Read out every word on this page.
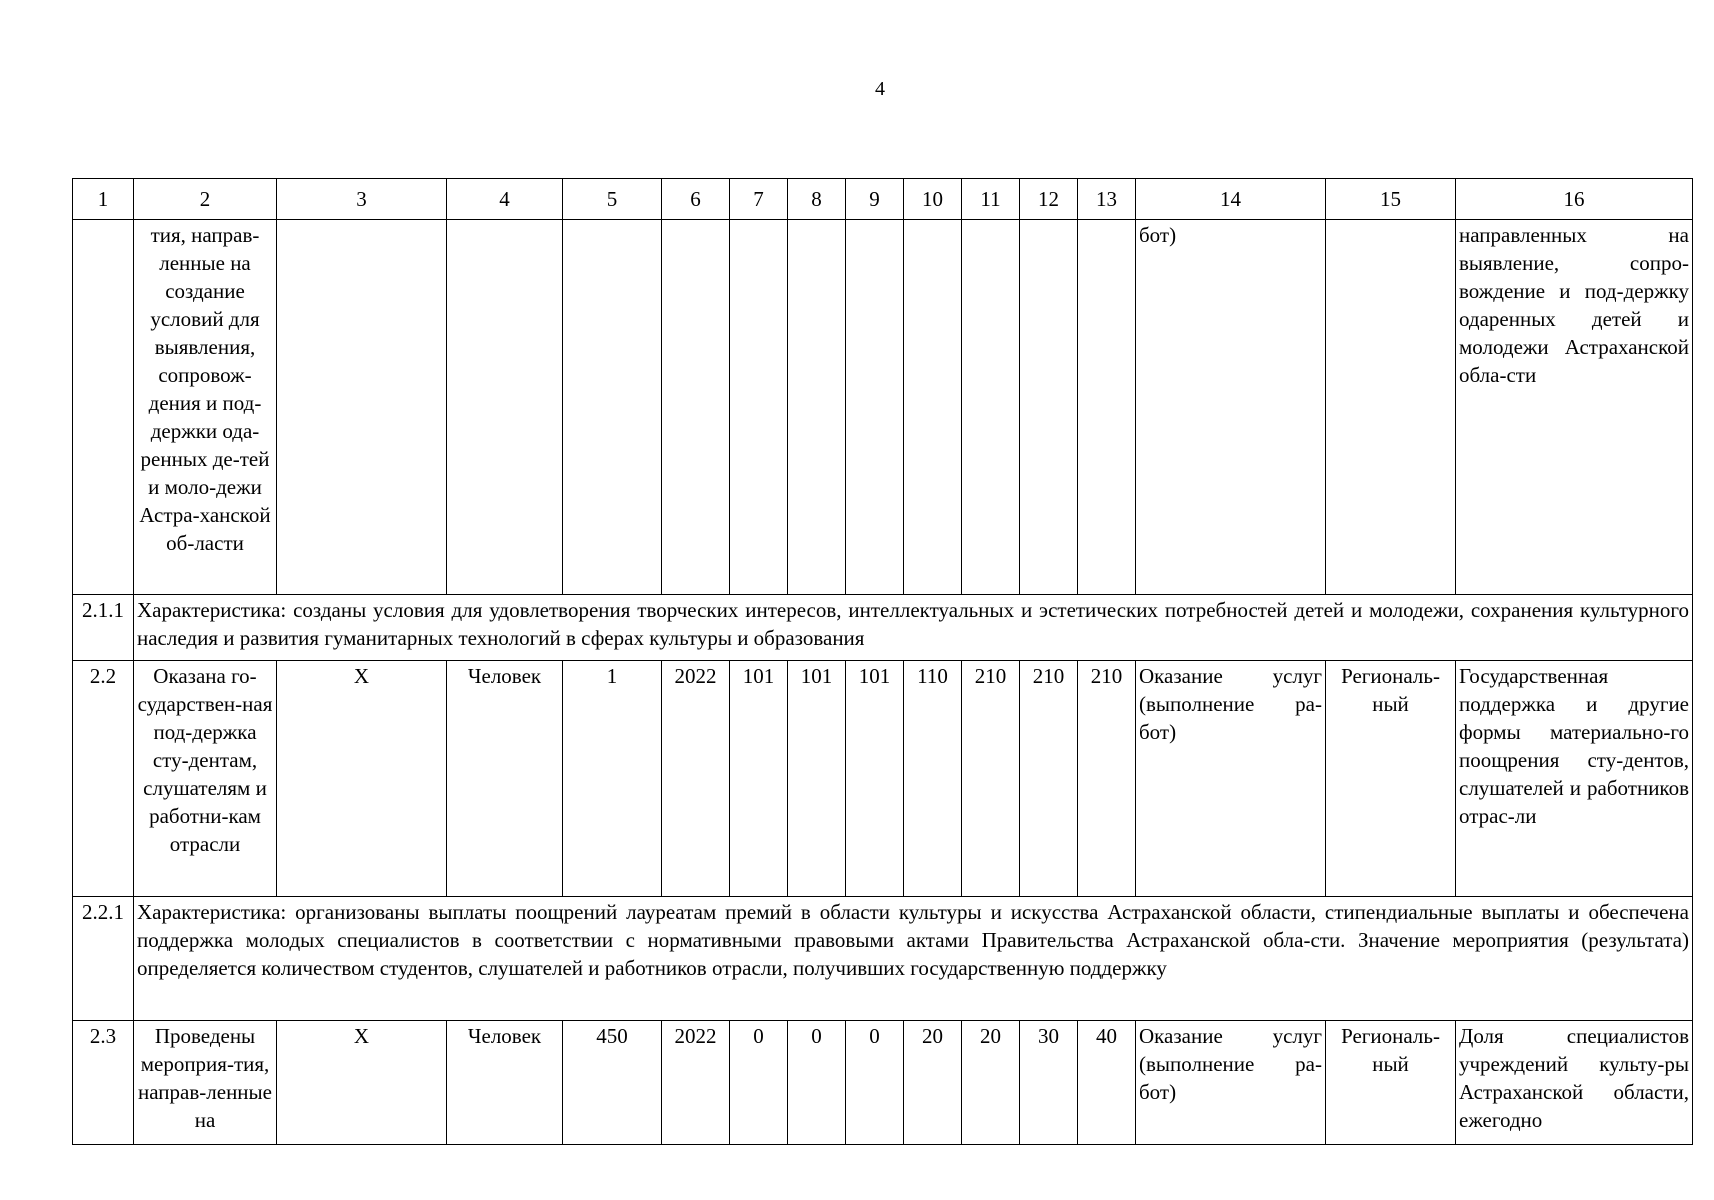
4
1	2	3	4	5	6	7	8	9	10	11	12	13	14	15	16
	тия, направ-ленные на создание условий для выявления, сопровож-дения и под-держки ода-ренных де-тей и моло-дежи Астра-ханской об-ласти												бот)		направленных на выявление, сопро-вождение и под-держку одаренных детей и молодежи Астраханской обла-сти
2.1.1	Характеристика: созданы условия для удовлетворения творческих интересов, интеллектуальных и эстетических потребностей детей и молодежи, сохранения культурного наследия и развития гуманитарных технологий в сферах культуры и образования														
2.2	Оказана го-сударствен-ная под-держка сту-дентам, слушателям и работни-кам отрасли	X	Человек	1	2022	101	101	101	110	210	210	210	Оказание услуг (выполнение ра-бот)	Региональ-ный	Государственная поддержка и другие формы материально-го поощрения сту-дентов, слушателей и работников отрас-ли
2.2.1	Характеристика: организованы выплаты поощрений лауреатам премий в области культуры и искусства Астраханской области, стипендиальные выплаты и обеспечена поддержка молодых специалистов в соответствии с нормативными правовыми актами Правительства Астраханской обла-сти. Значение мероприятия (результата) определяется количеством студентов, слушателей и работников отрасли, получивших государственную поддержку														
2.3	Проведены мероприя-тия, направ-ленные на	X	Человек	450	2022	0	0	0	20	20	30	40	Оказание услуг (выполнение ра-бот)	Региональ-ный	Доля специалистов учреждений культу-ры Астраханской области, ежегодно
